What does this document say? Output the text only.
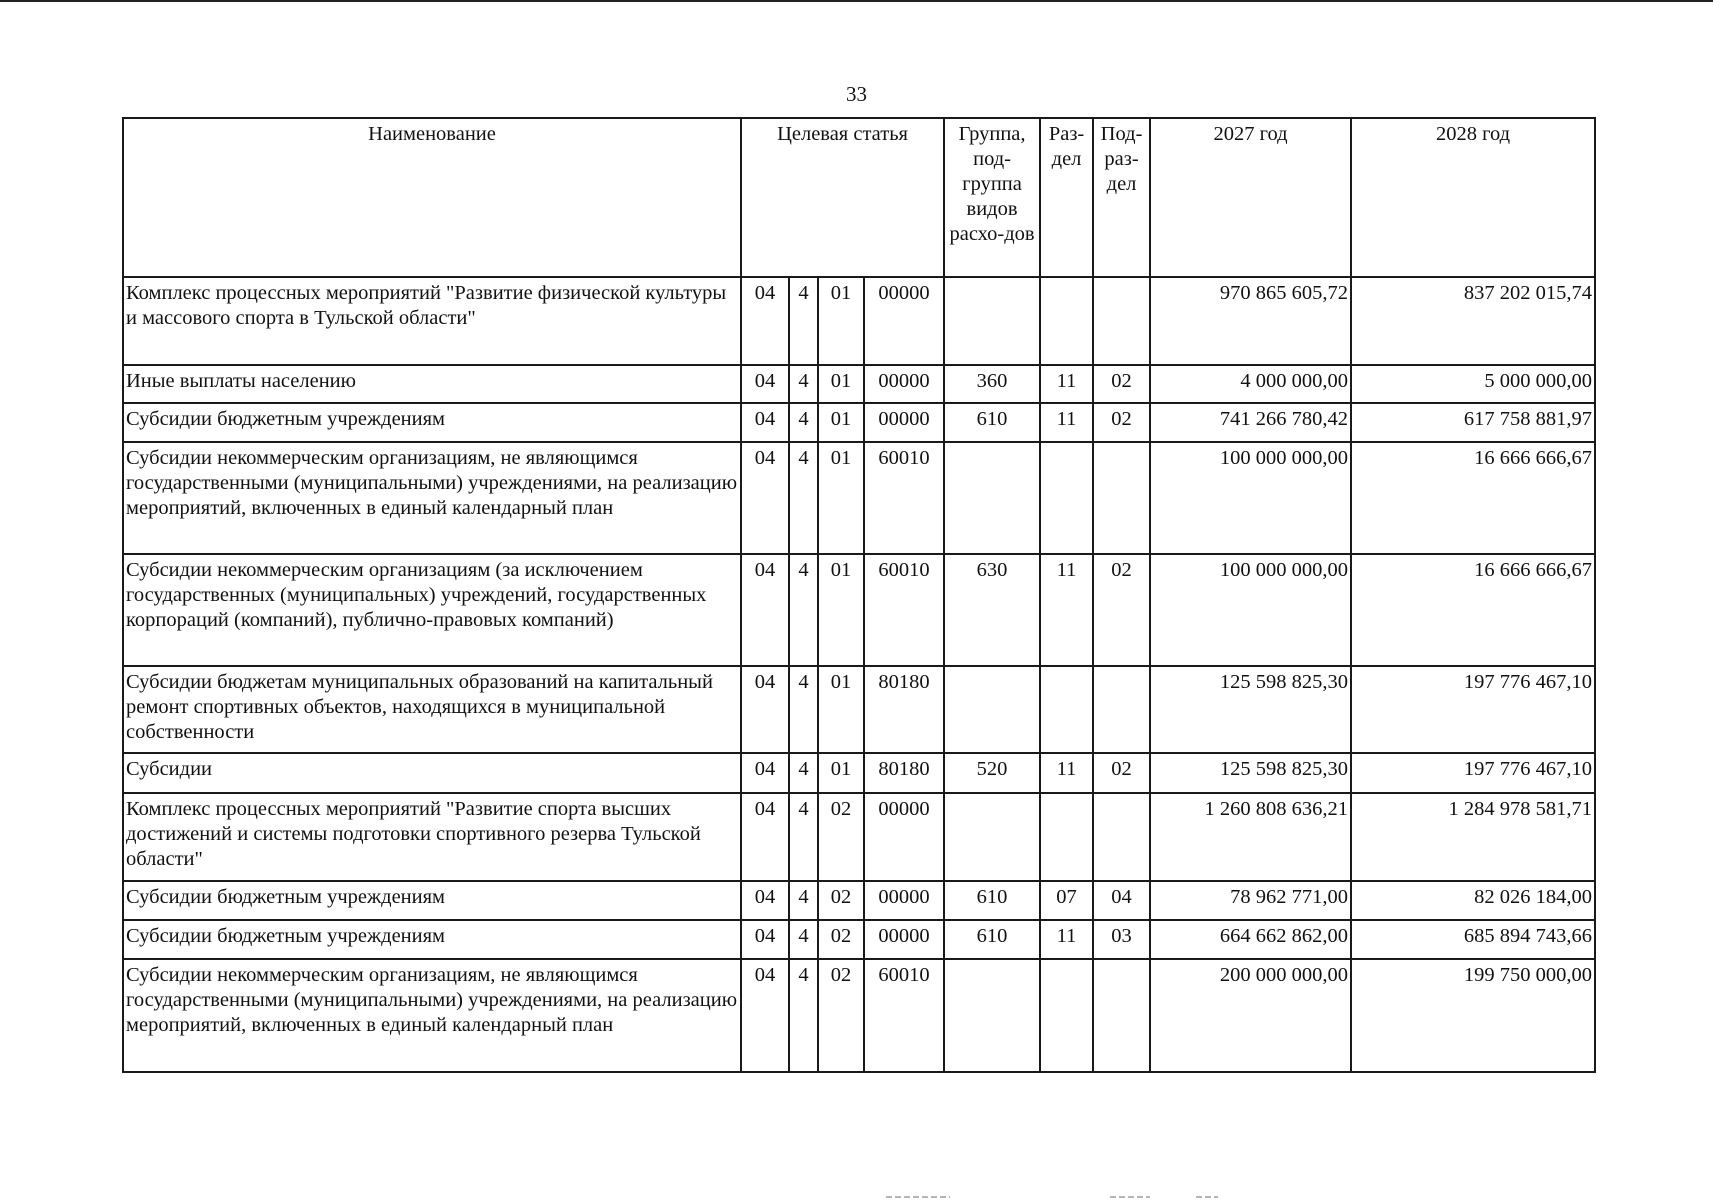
33
Наименование	Целевая статья				Группа, под-группа видов расхо-дов	Раз-дел	Под-раз-дел	2027 год	2028 год
Комплекс процессных мероприятий "Развитие физической культуры и массового спорта в Тульской области"	04	4	01	00000				970 865 605,72	837 202 015,74
Иные выплаты населению	04	4	01	00000	360	11	02	4 000 000,00	5 000 000,00
Субсидии бюджетным учреждениям	04	4	01	00000	610	11	02	741 266 780,42	617 758 881,97
Субсидии некоммерческим организациям, не являющимся государственными (муниципальными) учреждениями, на реализацию мероприятий, включенных в единый календарный план	04	4	01	60010				100 000 000,00	16 666 666,67
Субсидии некоммерческим организациям (за исключением государственных (муниципальных) учреждений, государственных корпораций (компаний), публично-правовых компаний)	04	4	01	60010	630	11	02	100 000 000,00	16 666 666,67
Субсидии бюджетам муниципальных образований на капитальный ремонт спортивных объектов, находящихся в муниципальной собственности	04	4	01	80180				125 598 825,30	197 776 467,10
Субсидии	04	4	01	80180	520	11	02	125 598 825,30	197 776 467,10
Комплекс процессных мероприятий "Развитие спорта высших достижений и системы подготовки спортивного резерва Тульской области"	04	4	02	00000				1 260 808 636,21	1 284 978 581,71
Субсидии бюджетным учреждениям	04	4	02	00000	610	07	04	78 962 771,00	82 026 184,00
Субсидии бюджетным учреждениям	04	4	02	00000	610	11	03	664 662 862,00	685 894 743,66
Субсидии некоммерческим организациям, не являющимся государственными (муниципальными) учреждениями, на реализацию мероприятий, включенных в единый календарный план	04	4	02	60010				200 000 000,00	199 750 000,00
